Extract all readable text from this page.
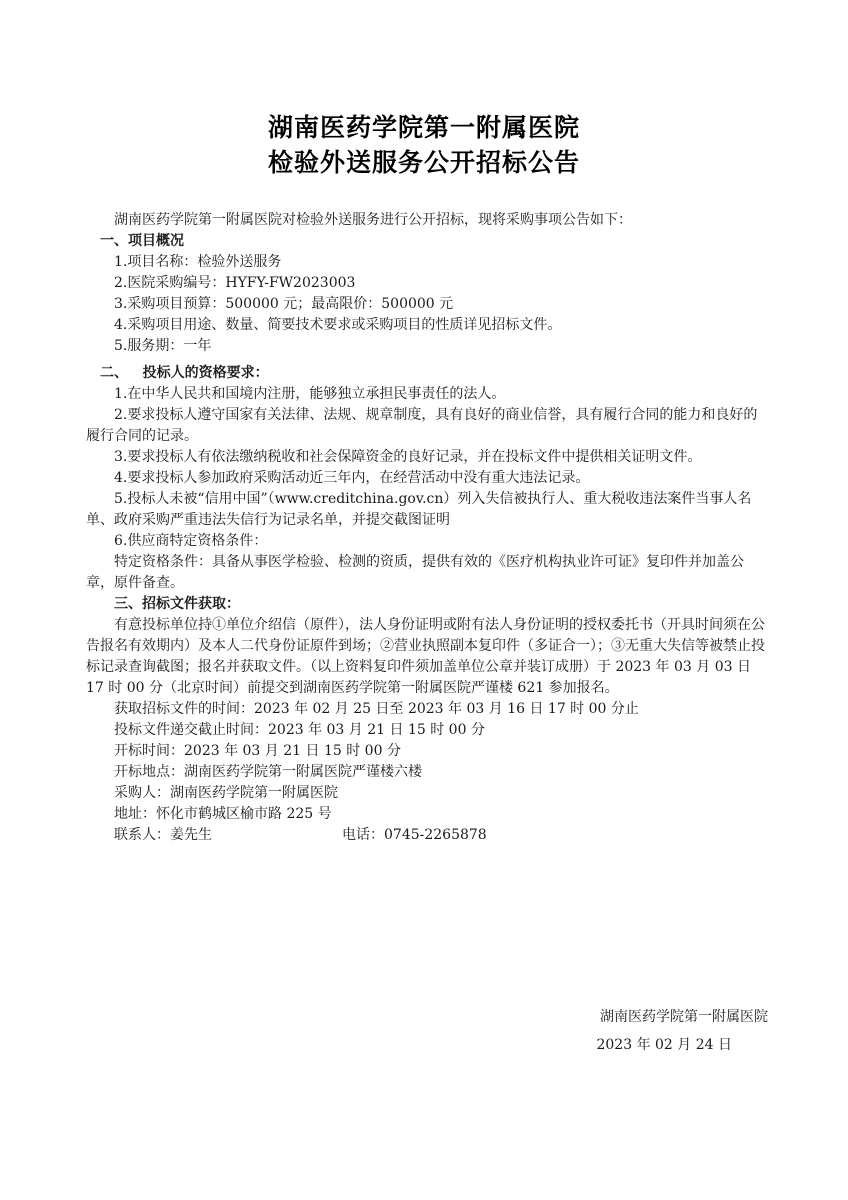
湖南医药学院第一附属医院
检验外送服务公开招标公告

湖南医药学院第一附属医院对检验外送服务进行公开招标，现将采购事项公告如下：

一、项目概况

1.项目名称：检验外送服务

2.医院采购编号：HYFY-FW2023003

3.采购项目预算：500000 元；最高限价：500000 元

4.采购项目用途、数量、简要技术要求或采购项目的性质详见招标文件。

5.服务期：一年

二、   投标人的资格要求：

1.在中华人民共和国境内注册，能够独立承担民事责任的法人。

2.要求投标人遵守国家有关法律、法规、规章制度，具有良好的商业信誉，具有履行合同的能力和良好的履行合同的记录。

3.要求投标人有依法缴纳税收和社会保障资金的良好记录，并在投标文件中提供相关证明文件。

4.要求投标人参加政府采购活动近三年内，在经营活动中没有重大违法记录。

5.投标人未被“信用中国”（www.creditchina.gov.cn）列入失信被执行人、重大税收违法案件当事人名单、政府采购严重违法失信行为记录名单，并提交截图证明

6.供应商特定资格条件：

特定资格条件：具备从事医学检验、检测的资质，提供有效的《医疗机构执业许可证》复印件并加盖公章，原件备查。

三、招标文件获取：

有意投标单位持①单位介绍信（原件），法人身份证明或附有法人身份证明的授权委托书（开具时间须在公告报名有效期内）及本人二代身份证原件到场；②营业执照副本复印件（多证合一）；③无重大失信等被禁止投标记录查询截图；报名并获取文件。（以上资料复印件须加盖单位公章并装订成册）于 2023 年 03 月 03 日 17 时 00 分（北京时间）前提交到湖南医药学院第一附属医院严谨楼 621 参加报名。

获取招标文件的时间：2023 年 02 月 25 日至 2023 年 03 月 16 日 17 时 00 分止

投标文件递交截止时间：2023 年 03 月 21 日 15 时 00 分

开标时间：2023 年 03 月 21 日 15 时 00 分

开标地点：湖南医药学院第一附属医院严谨楼六楼

采购人：湖南医药学院第一附属医院

地址：怀化市鹤城区榆市路 225 号

联系人：姜先生	电话：0745-2265878

湖南医药学院第一附属医院
2023 年 02 月 24 日
